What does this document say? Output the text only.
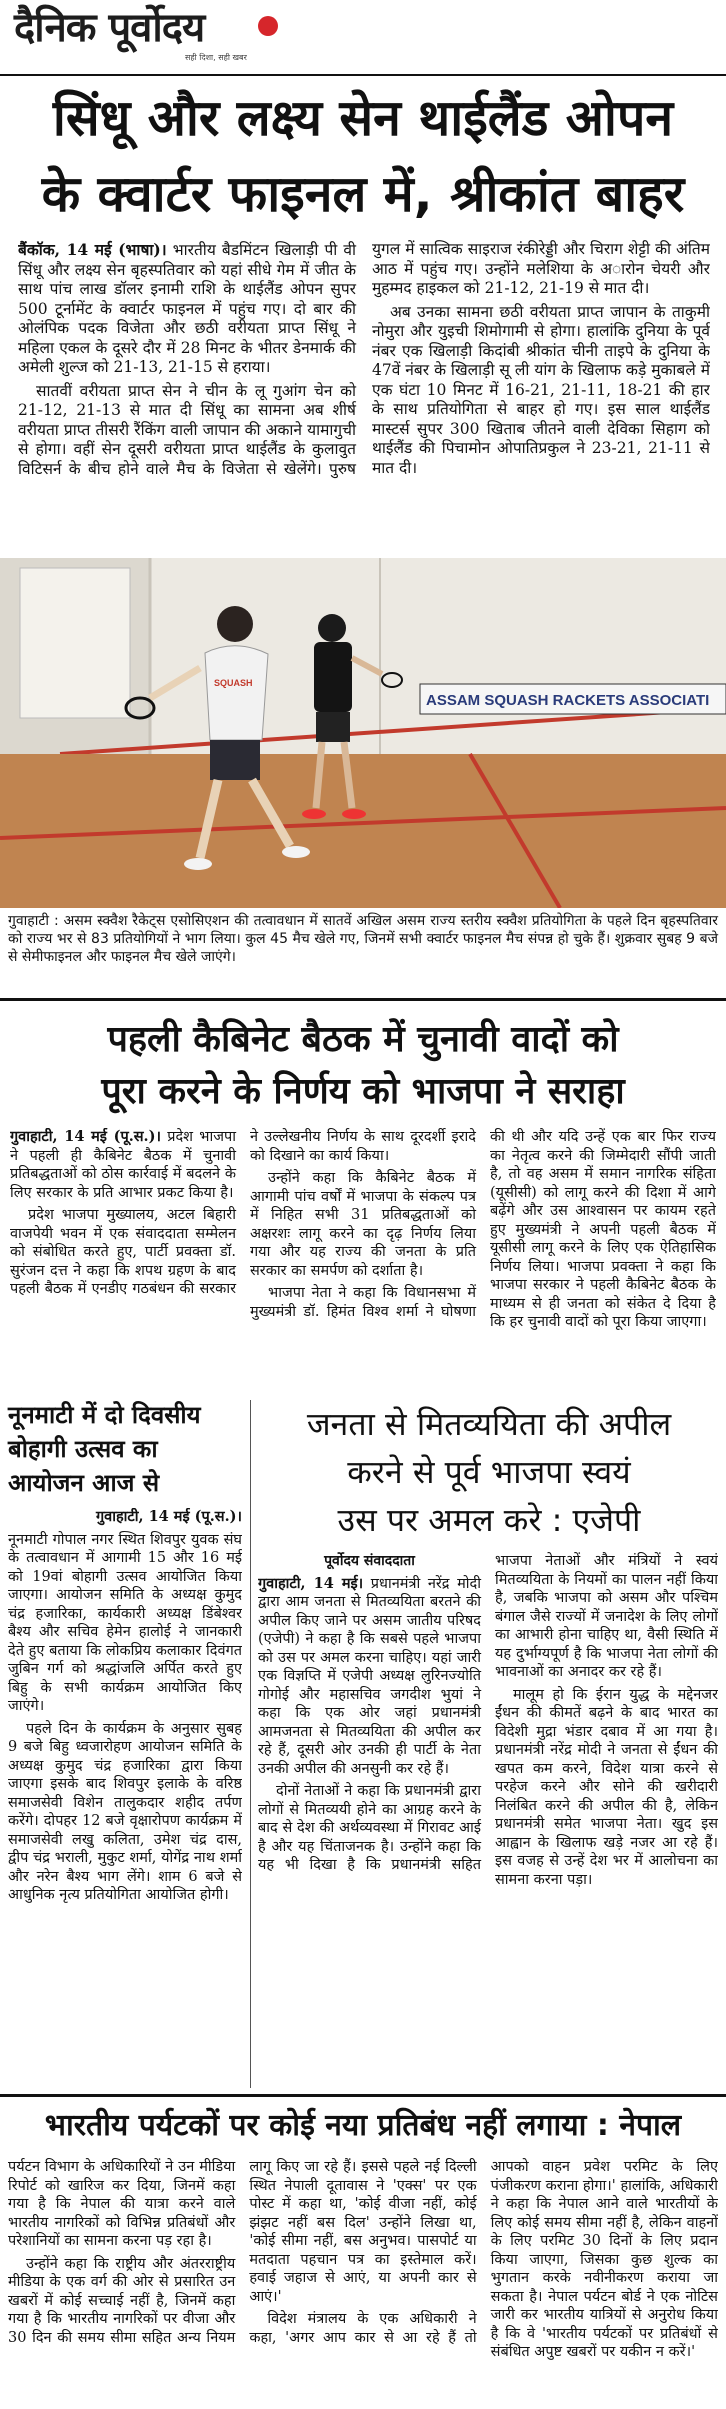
दैनिक पूर्वोदय
सही दिशा, सही खबर
सिंधू और लक्ष्य सेन थाईलैंड ओपन
के क्वार्टर फाइनल में, श्रीकांत बाहर

बैंकॉक, 14 मई (भाषा)। भारतीय बैडमिंटन खिलाड़ी पी वी सिंधू और लक्ष्य सेन बृहस्पतिवार को यहां सीधे गेम में जीत के साथ पांच लाख डॉलर इनामी राशि के थाईलैंड ओपन सुपर 500 टूर्नामेंट के क्वार्टर फाइनल में पहुंच गए। दो बार की ओलंपिक पदक विजेता और छठी वरीयता प्राप्त सिंधू ने महिला एकल के दूसरे दौर में 28 मिनट के भीतर डेनमार्क की अमेली शुल्ज को 21-13, 21-15 से हराया।

सातवीं वरीयता प्राप्त सेन ने चीन के लू गुआंग चेन को 21-12, 21-13 से मात दी सिंधू का सामना अब शीर्ष वरीयता प्राप्त तीसरी रैंकिंग वाली जापान की अकाने यामागुची से होगा। वहीं सेन दूसरी वरीयता प्राप्त थाईलैंड के कुलावुत विटिसर्न के बीच होने वाले मैच के विजेता से खेलेंगे। पुरुष युगल में सात्विक साइराज रंकीरेड्डी और चिराग शेट्टी की अंतिम आठ में पहुंच गए। उन्होंने मलेशिया के अारोन चेयरी और मुहम्मद हाइकल को 21-12, 21-19 से मात दी।

अब उनका सामना छठी वरीयता प्राप्त जापान के ताकुमी नोमुरा और युइची शिमोगामी से होगा। हालांकि दुनिया के पूर्व नंबर एक खिलाड़ी किदांबी श्रीकांत चीनी ताइपे के दुनिया के 47वें नंबर के खिलाड़ी सू ली यांग के खिलाफ कड़े मुकाबले में एक घंटा 10 मिनट में 16-21, 21-11, 18-21 की हार के साथ प्रतियोगिता से बाहर हो गए। इस साल थाईलैंड मास्टर्स सुपर 300 खिताब जीतने वाली देविका सिहाग को थाईलैंड की पिचामोन ओपातिप्रकुल ने 23-21, 21-11 से मात दी।

ASSAM SQUASH RACKETS ASSOCIATI
SQUASH
गुवाहाटी : असम स्क्वैश रैकेट्स एसोसिएशन की तत्वावधान में सातवें अखिल असम राज्य स्तरीय स्क्वैश प्रतियोगिता के पहले दिन बृहस्पतिवार को राज्य भर से 83 प्रतियोगियों ने भाग लिया। कुल 45 मैच खेले गए, जिनमें सभी क्वार्टर फाइनल मैच संपन्न हो चुके हैं। शुक्रवार सुबह 9 बजे से सेमीफाइनल और फाइनल मैच खेले जाएंगे।
पहली कैबिनेट बैठक में चुनावी वादों को
पूरा करने के निर्णय को भाजपा ने सराहा

गुवाहाटी, 14 मई (पू.स.)। प्रदेश भाजपा ने पहली ही कैबिनेट बैठक में चुनावी प्रतिबद्धताओं को ठोस कार्रवाई में बदलने के लिए सरकार के प्रति आभार प्रकट किया है।

प्रदेश भाजपा मुख्यालय, अटल बिहारी वाजपेयी भवन में एक संवाददाता सम्मेलन को संबोधित करते हुए, पार्टी प्रवक्ता डॉ. सुरंजन दत्त ने कहा कि शपथ ग्रहण के बाद पहली बैठक में एनडीए गठबंधन की सरकार ने उल्लेखनीय निर्णय के साथ दूरदर्शी इरादे को दिखाने का कार्य किया।

उन्होंने कहा कि कैबिनेट बैठक में आगामी पांच वर्षों में भाजपा के संकल्प पत्र में निहित सभी 31 प्रतिबद्धताओं को अक्षरशः लागू करने का दृढ़ निर्णय लिया गया और यह राज्य की जनता के प्रति सरकार का समर्पण को दर्शाता है।

भाजपा नेता ने कहा कि विधानसभा में मुख्यमंत्री डॉ. हिमंत विश्व शर्मा ने घोषणा की थी और यदि उन्हें एक बार फिर राज्य का नेतृत्व करने की जिम्मेदारी सौंपी जाती है, तो वह असम में समान नागरिक संहिता (यूसीसी) को लागू करने की दिशा में आगे बढ़ेंगे और उस आश्वासन पर कायम रहते हुए मुख्यमंत्री ने अपनी पहली बैठक में यूसीसी लागू करने के लिए एक ऐतिहासिक निर्णय लिया। भाजपा प्रवक्ता ने कहा कि भाजपा सरकार ने पहली कैबिनेट बैठक के माध्यम से ही जनता को संकेत दे दिया है कि हर चुनावी वादों को पूरा किया जाएगा।

नूनमाटी में दो दिवसीय
बोहागी उत्सव का
आयोजन आज से

गुवाहाटी, 14 मई (पू.स.)।

नूनमाटी गोपाल नगर स्थित शिवपुर युवक संघ के तत्वावधान में आगामी 15 और 16 मई को 19वां बोहागी उत्सव आयोजित किया जाएगा। आयोजन समिति के अध्यक्ष कुमुद चंद्र हजारिका, कार्यकारी अध्यक्ष डिंबेश्वर बैश्य और सचिव हेमेन हालोई ने जानकारी देते हुए बताया कि लोकप्रिय कलाकार दिवंगत जुबिन गर्ग को श्रद्धांजलि अर्पित करते हुए बिहु के सभी कार्यक्रम आयोजित किए जाएंगे।

पहले दिन के कार्यक्रम के अनुसार सुबह 9 बजे बिहु ध्वजारोहण आयोजन समिति के अध्यक्ष कुमुद चंद्र हजारिका द्वारा किया जाएगा इसके बाद शिवपुर इलाके के वरिष्ठ समाजसेवी विशेन तालुकदार शहीद तर्पण करेंगे। दोपहर 12 बजे वृक्षारोपण कार्यक्रम में समाजसेवी लखु कलिता, उमेश चंद्र दास, द्वीप चंद्र भराली, मुकुट शर्मा, योगेंद्र नाथ शर्मा और नरेन बैश्य भाग लेंगे। शाम 6 बजे से आधुनिक नृत्य प्रतियोगिता आयोजित होगी।

जनता से मितव्ययिता की अपील
करने से पूर्व भाजपा स्वयं
उस पर अमल करे : एजेपी

पूर्वोदय संवाददाता

गुवाहाटी, 14 मई। प्रधानमंत्री नरेंद्र मोदी द्वारा आम जनता से मितव्ययिता बरतने की अपील किए जाने पर असम जातीय परिषद (एजेपी) ने कहा है कि सबसे पहले भाजपा को उस पर अमल करना चाहिए। यहां जारी एक विज्ञप्ति में एजेपी अध्यक्ष लुरिनज्योति गोगोई और महासचिव जगदीश भुयां ने कहा कि एक ओर जहां प्रधानमंत्री आमजनता से मितव्ययिता की अपील कर रहे हैं, दूसरी ओर उनकी ही पार्टी के नेता उनकी अपील की अनसुनी कर रहे हैं।

दोनों नेताओं ने कहा कि प्रधानमंत्री द्वारा लोगों से मितव्ययी होने का आग्रह करने के बाद से देश की अर्थव्यवस्था में गिरावट आई है और यह चिंताजनक है। उन्होंने कहा कि यह भी दिखा है कि प्रधानमंत्री सहित भाजपा नेताओं और मंत्रियों ने स्वयं मितव्ययिता के नियमों का पालन नहीं किया है, जबकि भाजपा को असम और पश्चिम बंगाल जैसे राज्यों में जनादेश के लिए लोगों का आभारी होना चाहिए था, वैसी स्थिति में यह दुर्भाग्यपूर्ण है कि भाजपा नेता लोगों की भावनाओं का अनादर कर रहे हैं।

मालूम हो कि ईरान युद्ध के मद्देनजर ईंधन की कीमतें बढ़ने के बाद भारत का विदेशी मुद्रा भंडार दबाव में आ गया है। प्रधानमंत्री नरेंद्र मोदी ने जनता से ईंधन की खपत कम करने, विदेश यात्रा करने से परहेज करने और सोने की खरीदारी निलंबित करने की अपील की है, लेकिन प्रधानमंत्री समेत भाजपा नेता। खुद इस आह्वान के खिलाफ खड़े नजर आ रहे हैं। इस वजह से उन्हें देश भर में आलोचना का सामना करना पड़ा।

भारतीय पर्यटकों पर कोई नया प्रतिबंध नहीं लगाया : नेपाल

पर्यटन विभाग के अधिकारियों ने उन मीडिया रिपोर्ट को खारिज कर दिया, जिनमें कहा गया है कि नेपाल की यात्रा करने वाले भारतीय नागरिकों को विभिन्न प्रतिबंधों और परेशानियों का सामना करना पड़ रहा है।

उन्होंने कहा कि राष्ट्रीय और अंतरराष्ट्रीय मीडिया के एक वर्ग की ओर से प्रसारित उन खबरों में कोई सच्चाई नहीं है, जिनमें कहा गया है कि भारतीय नागरिकों पर वीजा और 30 दिन की समय सीमा सहित अन्य नियम लागू किए जा रहे हैं। इससे पहले नई दिल्ली स्थित नेपाली दूतावास ने 'एक्स' पर एक पोस्ट में कहा था, 'कोई वीजा नहीं, कोई झंझट नहीं बस दिल' उन्होंने लिखा था, 'कोई सीमा नहीं, बस अनुभव। पासपोर्ट या मतदाता पहचान पत्र का इस्तेमाल करें। हवाई जहाज से आएं, या अपनी कार से आएं।'

विदेश मंत्रालय के एक अधिकारी ने कहा, 'अगर आप कार से आ रहे हैं तो आपको वाहन प्रवेश परमिट के लिए पंजीकरण कराना होगा।' हालांकि, अधिकारी ने कहा कि नेपाल आने वाले भारतीयों के लिए कोई समय सीमा नहीं है, लेकिन वाहनों के लिए परमिट 30 दिनों के लिए प्रदान किया जाएगा, जिसका कुछ शुल्क का भुगतान करके नवीनीकरण कराया जा सकता है। नेपाल पर्यटन बोर्ड ने एक नोटिस जारी कर भारतीय यात्रियों से अनुरोध किया है कि वे 'भारतीय पर्यटकों पर प्रतिबंधों से संबंधित अपुष्ट खबरों पर यकीन न करें।'
